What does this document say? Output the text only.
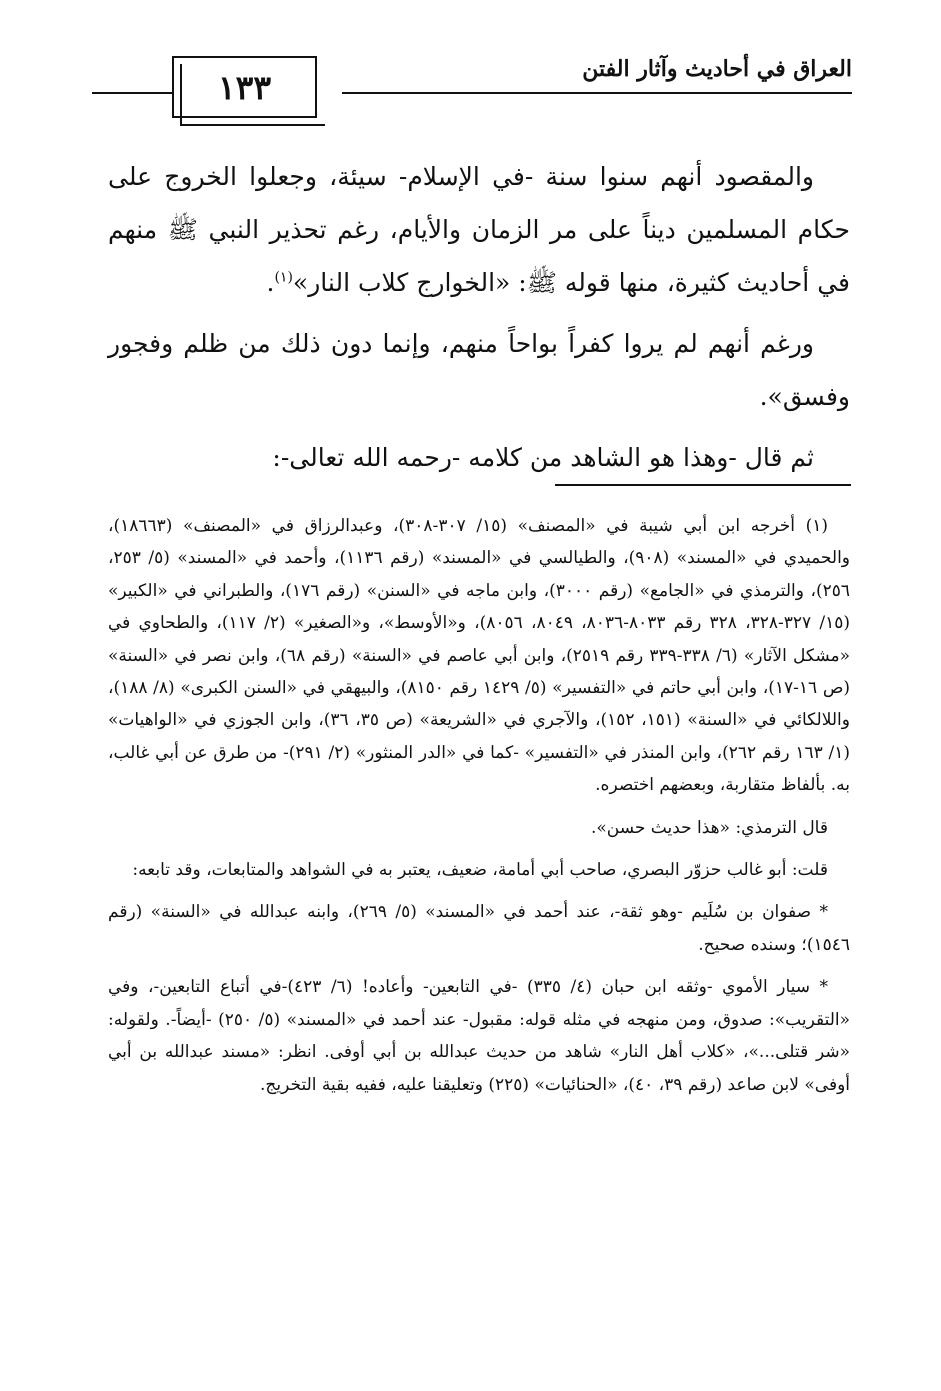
١٣٣	العراق في أحاديث وآثار الفتن

والمقصود أنهم سنوا سنة -في الإسلام- سيئة، وجعلوا الخروج على حكام المسلمين ديناً على مر الزمان والأيام، رغم تحذير النبي ﷺ منهم في أحاديث كثيرة، منها قوله ﷺ: «الخوارج كلاب النار»$^{(١)}$.

ورغم أنهم لم يروا كفراً بواحاً منهم، وإنما دون ذلك من ظلم وفجور وفسق».

ثم قال -وهذا هو الشاهد من كلامه -رحمه الله تعالى-:

(١) أخرجه ابن أبي شيبة في «المصنف» (١٥/ ٣٠٧-٣٠٨)، وعبدالرزاق في «المصنف» (١٨٦٦٣)، والحميدي في «المسند» (٩٠٨)، والطيالسي في «المسند» (رقم ١١٣٦)، وأحمد في «المسند» (٥/ ٢٥٣، ٢٥٦)، والترمذي في «الجامع» (رقم ٣٠٠٠)، وابن ماجه في «السنن» (رقم ١٧٦)، والطبراني في «الكبير» (١٥/ ٣٢٧-٣٢٨، ٣٢٨ رقم ٨٠٣٣-٨٠٣٦، ٨٠٤٩، ٨٠٥٦)، و«الأوسط»، و«الصغير» (٢/ ١١٧)، والطحاوي في «مشكل الآثار» (٦/ ٣٣٨-٣٣٩ رقم ٢٥١٩)، وابن أبي عاصم في «السنة» (رقم ٦٨)، وابن نصر في «السنة» (ص ١٦-١٧)، وابن أبي حاتم في «التفسير» (٥/ ١٤٢٩ رقم ٨١٥٠)، والبيهقي في «السنن الكبرى» (٨/ ١٨٨)، واللالكائي في «السنة» (١٥١، ١٥٢)، والآجري في «الشريعة» (ص ٣٥، ٣٦)، وابن الجوزي في «الواهيات» (١/ ١٦٣ رقم ٢٦٢)، وابن المنذر في «التفسير» -كما في «الدر المنثور» (٢/ ٢٩١)- من طرق عن أبي غالب، به. بألفاظ متقاربة، وبعضهم اختصره.

قال الترمذي: «هذا حديث حسن».

قلت: أبو غالب حزوّر البصري، صاحب أبي أمامة، ضعيف، يعتبر به في الشواهد والمتابعات، وقد تابعه:

* صفوان بن سُلَيم -وهو ثقة-، عند أحمد في «المسند» (٥/ ٢٦٩)، وابنه عبدالله في «السنة» (رقم ١٥٤٦)؛ وسنده صحيح.

* سيار الأموي -وثقه ابن حبان (٤/ ٣٣٥) -في التابعين- وأعاده! (٦/ ٤٢٣)-في أتباع التابعين-، وفي «التقريب»: صدوق، ومن منهجه في مثله قوله: مقبول- عند أحمد في «المسند» (٥/ ٢٥٠) -أيضاً-. ولقوله: «شر قتلى...»، «كلاب أهل النار» شاهد من حديث عبدالله بن أبي أوفى. انظر: «مسند عبدالله بن أبي أوفى» لابن صاعد (رقم ٣٩، ٤٠)، «الحنائيات» (٢٢٥) وتعليقنا عليه، ففيه بقية التخريج.
